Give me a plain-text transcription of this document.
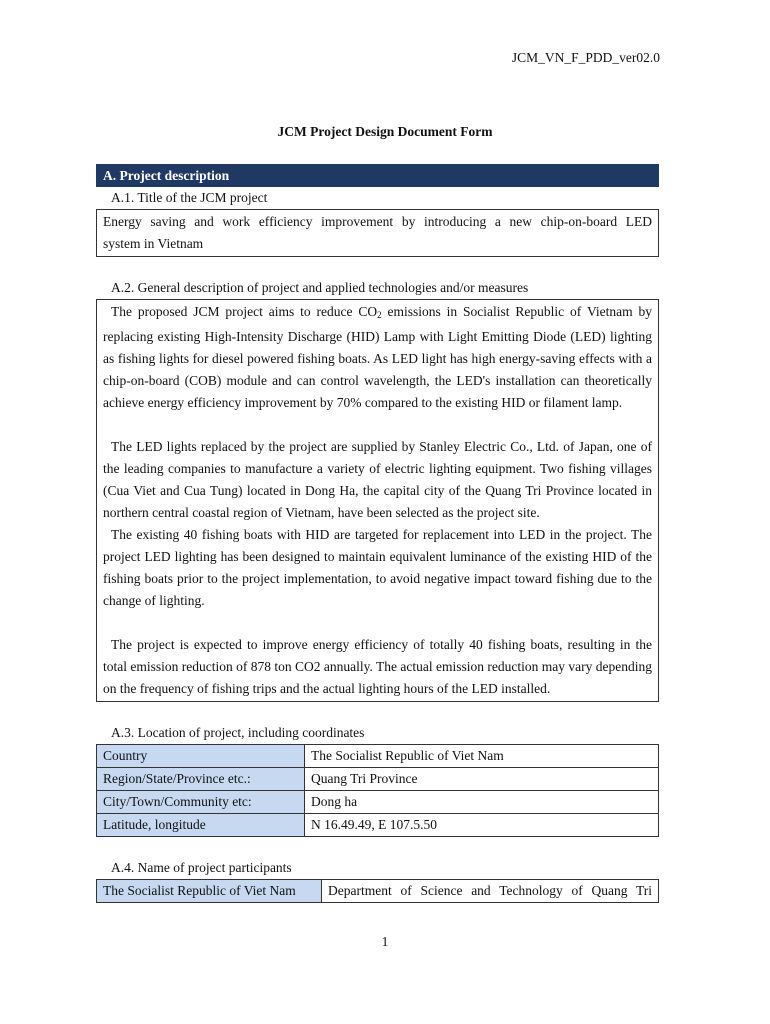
JCM_VN_F_PDD_ver02.0
JCM Project Design Document Form
A. Project description
A.1. Title of the JCM project

Energy saving and work efficiency improvement by introducing a new chip-on-board LED

system in Vietnam

A.2. General description of project and applied technologies and/or measures

The proposed JCM project aims to reduce $CO_2$ emissions in Socialist Republic of Vietnam by replacing existing High-Intensity Discharge (HID) Lamp with Light Emitting Diode (LED) lighting as fishing lights for diesel powered fishing boats. As LED light has high energy-saving effects with a chip-on-board (COB) module and can control wavelength, the LED's installation can theoretically achieve energy efficiency improvement by 70% compared to the existing HID or filament lamp.

The LED lights replaced by the project are supplied by Stanley Electric Co., Ltd. of Japan, one of the leading companies to manufacture a variety of electric lighting equipment. Two fishing villages (Cua Viet and Cua Tung) located in Dong Ha, the capital city of the Quang Tri Province located in northern central coastal region of Vietnam, have been selected as the project site.

The existing 40 fishing boats with HID are targeted for replacement into LED in the project. The project LED lighting has been designed to maintain equivalent luminance of the existing HID of the fishing boats prior to the project implementation, to avoid negative impact toward fishing due to the change of lighting.

The project is expected to improve energy efficiency of totally 40 fishing boats, resulting in the total emission reduction of 878 ton CO2 annually. The actual emission reduction may vary depending on the frequency of fishing trips and the actual lighting hours of the LED installed.

A.3. Location of project, including coordinates
Country	The Socialist Republic of Viet Nam
Region/State/Province etc.:	Quang Tri Province
City/Town/Community etc:	Dong ha
Latitude, longitude	N 16.49.49, E 107.5.50
A.4. Name of project participants
The Socialist Republic of Viet Nam	Department of Science and Technology of Quang Tri
1
